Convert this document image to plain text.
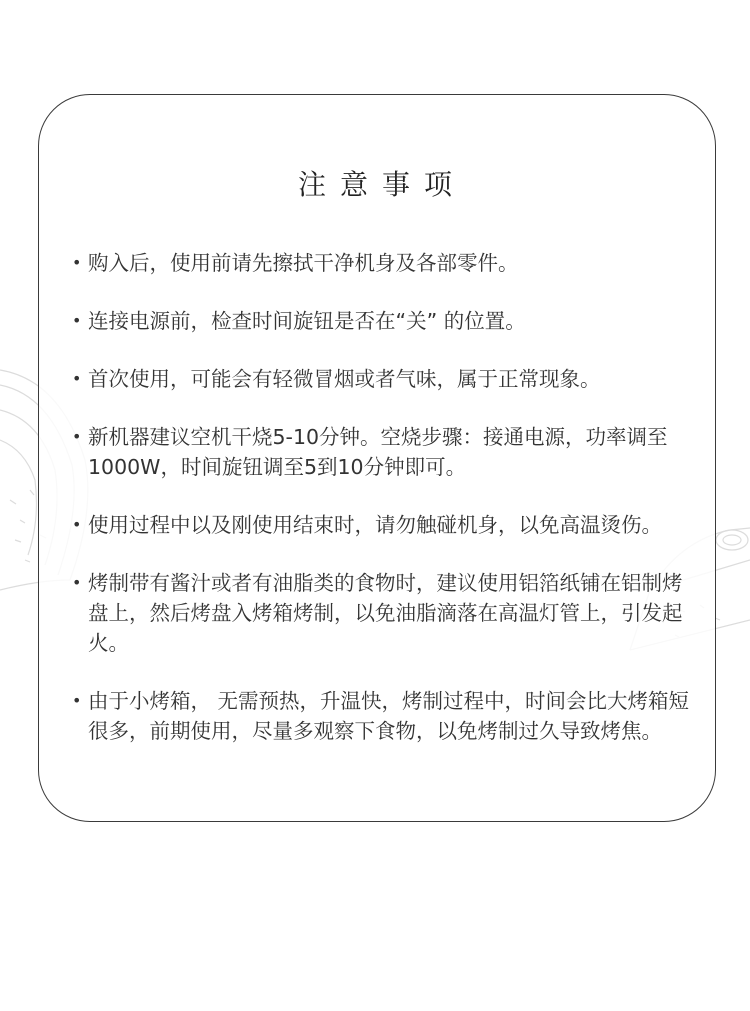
注意事项
• 购入后，使用前请先擦拭干净机身及各部零件。
• 连接电源前，检查时间旋钮是否在“关” 的位置。
• 首次使用，可能会有轻微冒烟或者气味，属于正常现象。
• 新机器建议空机干烧5-10分钟。空烧步骤：接通电源，功率调至1000W，时间旋钮调至5到10分钟即可。
• 使用过程中以及刚使用结束时，请勿触碰机身，以免高温烫伤。
• 烤制带有酱汁或者有油脂类的食物时，建议使用铝箔纸铺在铝制烤盘上，然后烤盘入烤箱烤制，以免油脂滴落在高温灯管上，引发起火。
• 由于小烤箱， 无需预热，升温快，烤制过程中，时间会比大烤箱短很多，前期使用，尽量多观察下食物，以免烤制过久导致烤焦。
